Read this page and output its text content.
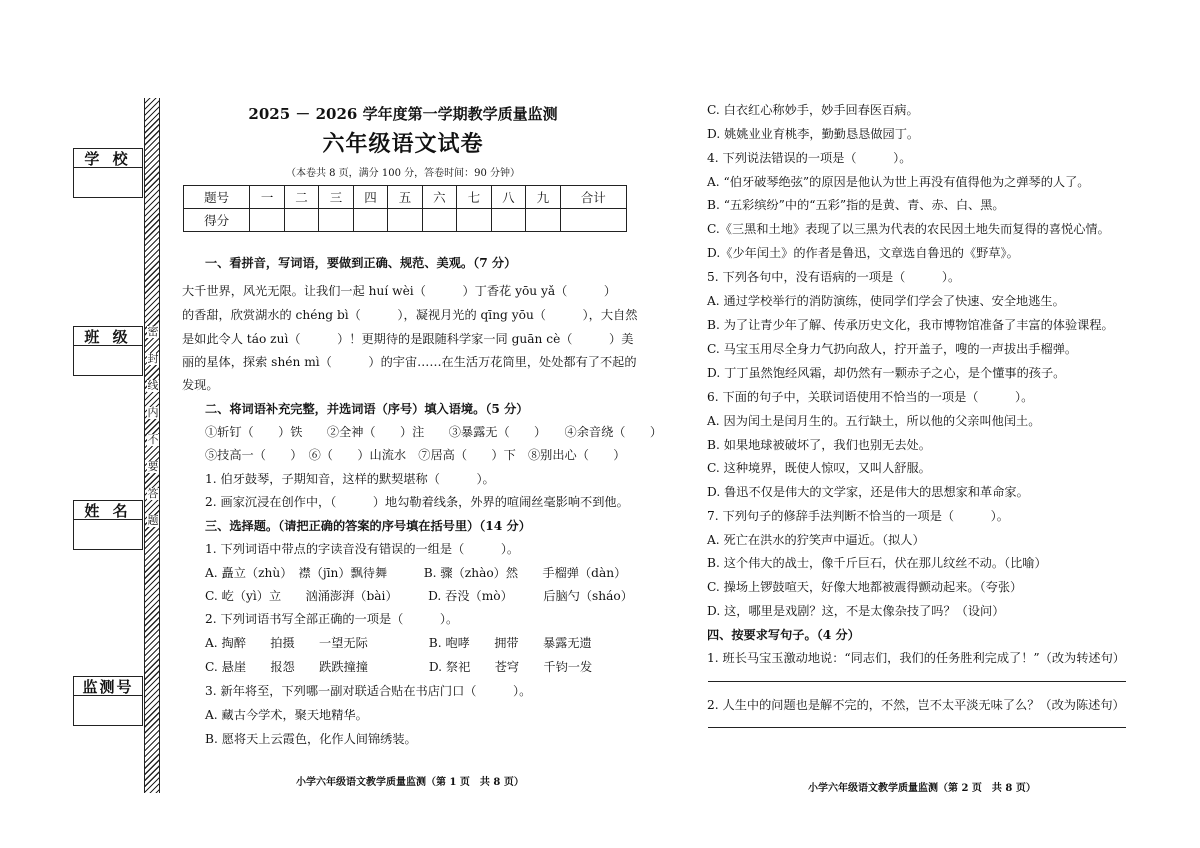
学 校
班 级
姓 名
监测号
密
封
线
内
不
要
答
题
2025 － 2026 学年度第一学期教学质量监测
六年级语文试卷
（本卷共 8 页，满分 100 分，答卷时间：90 分钟）
题号	一	二	三	四	五	六	七	八	九	合计
得分										
一、看拼音，写词语，要做到正确、规范、美观。（7 分）
大千世界，风光无限。让我们一起 huí wèi（　　　）丁香花 yōu yǎ（　　　）
的香甜，欣赏湖水的 chéng bì（　　　），凝视月光的 qīng yōu（　　　），大自然
是如此令人 táo zuì（　　　）！更期待的是跟随科学家一同 guān cè（　　　）美
丽的星体，探索 shén mì（　　　）的宇宙……在生活万花筒里，处处都有了不起的
发现。
二、将词语补充完整，并选词语（序号）填入语境。（5 分）
①斩钉（　　）铁　　②全神（　　）注　　③暴露无（　　）　　④余音绕（　　）
⑤技高一（　　）　⑥（　　）山流水　⑦居高（　　）下　⑧别出心（　　）
1. 伯牙鼓琴，子期知音，这样的默契堪称（　　　）。
2. 画家沉浸在创作中，（　　　）地勾勒着线条，外界的喧闹丝毫影响不到他。
三、选择题。（请把正确的答案的序号填在括号里）（14 分）
1. 下列词语中带点的字读音没有错误的一组是（　　　）。
A. 矗立（zhù）　襟（jīn）飘待舞　　　B. 骤（zhào）然　　手榴弹（dàn）
C. 屹（yì）立　　汹涌澎湃（bài）　　　D. 吞没（mò）　　　后脑勺（sháo）
2. 下列词语书写全部正确的一项是（　　　）。
A. 掏醉　　拍摄　　一望无际　　　　　B. 咆哮　　拥带　　暴露无遗
C. 悬崖　　报怨　　跌跌撞撞　　　　　D. 祭祀　　苍穹　　千钧一发
3. 新年将至，下列哪一副对联适合贴在书店门口（　　　）。
A. 藏古今学术，聚天地精华。
B. 愿将天上云霞色，化作人间锦绣装。
C. 白衣红心称妙手，妙手回春医百病。
D. 姚姚业业育桃李，勤勤恳恳做园丁。
4. 下列说法错误的一项是（　　　）。
A. “伯牙破琴绝弦”的原因是他认为世上再没有值得他为之弹琴的人了。
B. “五彩缤纷”中的“五彩”指的是黄、青、赤、白、黑。
C.《三黑和土地》表现了以三黑为代表的农民因土地失而复得的喜悦心情。
D.《少年闰土》的作者是鲁迅，文章选自鲁迅的《野草》。
5. 下列各句中，没有语病的一项是（　　　）。
A. 通过学校举行的消防演练，使同学们学会了快速、安全地逃生。
B. 为了让青少年了解、传承历史文化，我市博物馆准备了丰富的体验课程。
C. 马宝玉用尽全身力气扔向敌人，拧开盖子，嗖的一声拔出手榴弹。
D. 丁丁虽然饱经风霜，却仍然有一颗赤子之心，是个懂事的孩子。
6. 下面的句子中，关联词语使用不恰当的一项是（　　　）。
A. 因为闰土是闰月生的。五行缺土，所以他的父亲叫他闰土。
B. 如果地球被破坏了，我们也别无去处。
C. 这种境界，既使人惊叹，又叫人舒服。
D. 鲁迅不仅是伟大的文学家，还是伟大的思想家和革命家。
7. 下列句子的修辞手法判断不恰当的一项是（　　　）。
A. 死亡在洪水的狞笑声中逼近。（拟人）
B. 这个伟大的战士，像千斤巨石，伏在那儿纹丝不动。（比喻）
C. 操场上锣鼓喧天，好像大地都被震得颤动起来。（夸张）
D. 这，哪里是戏剧？这，不是太像杂技了吗？（设问）
四、按要求写句子。（4 分）
1. 班长马宝玉激动地说：“同志们，我们的任务胜利完成了！”（改为转述句）
2. 人生中的问题也是解不完的，不然，岂不太平淡无味了么？（改为陈述句）
小学六年级语文教学质量监测（第 1 页　共 8 页）
小学六年级语文教学质量监测（第 2 页　共 8 页）
